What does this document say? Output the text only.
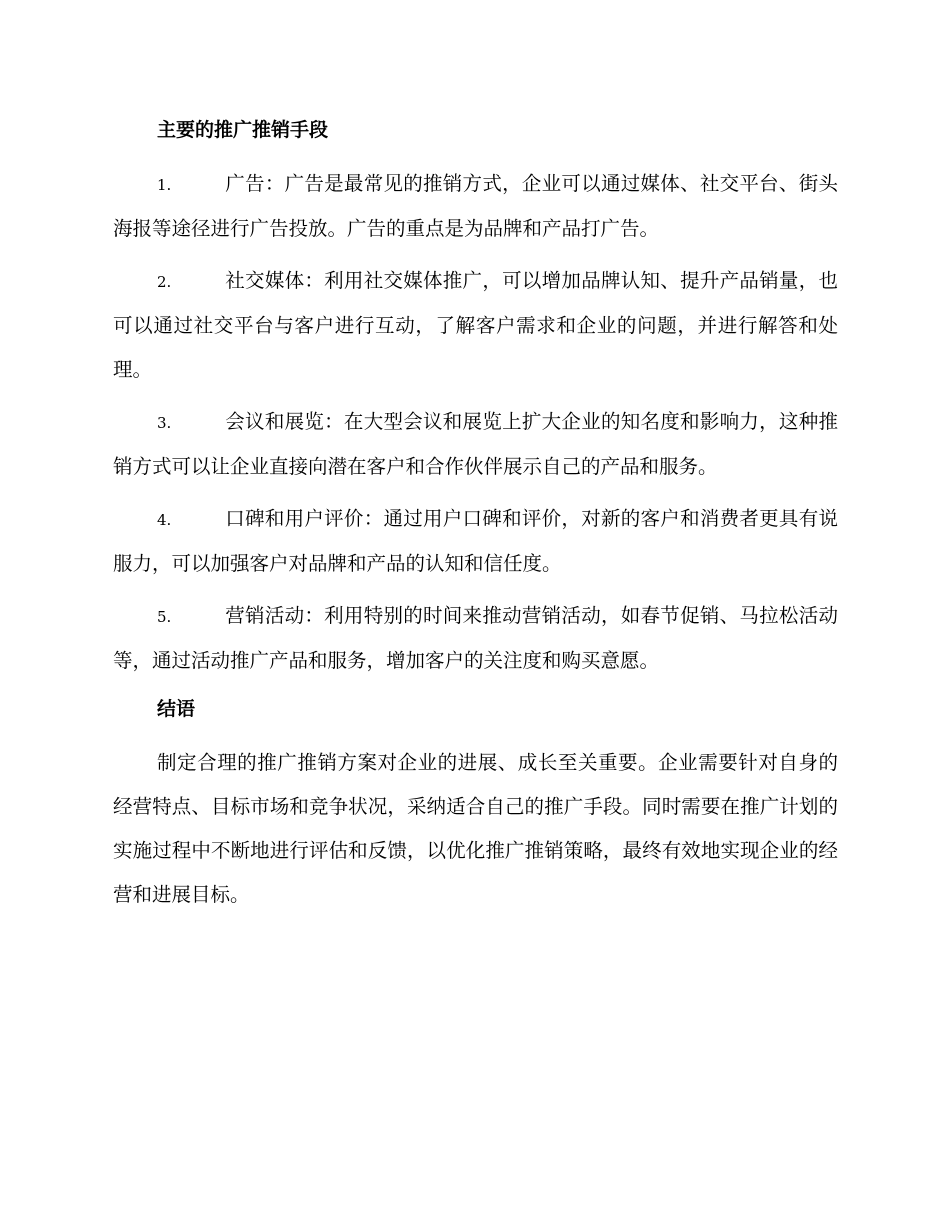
主要的推广推销手段
1.	广告：广告是最常见的推销方式，企业可以通过媒体、社交平台、街头海报等途径进行广告投放。广告的重点是为品牌和产品打广告。
2.	社交媒体：利用社交媒体推广，可以增加品牌认知、提升产品销量，也可以通过社交平台与客户进行互动，了解客户需求和企业的问题，并进行解答和处理。
3.	会议和展览：在大型会议和展览上扩大企业的知名度和影响力，这种推销方式可以让企业直接向潜在客户和合作伙伴展示自己的产品和服务。
4.	口碑和用户评价：通过用户口碑和评价，对新的客户和消费者更具有说服力，可以加强客户对品牌和产品的认知和信任度。
5.	营销活动：利用特别的时间来推动营销活动，如春节促销、马拉松活动等，通过活动推广产品和服务，增加客户的关注度和购买意愿。
结语

制定合理的推广推销方案对企业的进展、成长至关重要。企业需要针对自身的经营特点、目标市场和竞争状况，采纳适合自己的推广手段。同时需要在推广计划的实施过程中不断地进行评估和反馈，以优化推广推销策略，最终有效地实现企业的经营和进展目标。
